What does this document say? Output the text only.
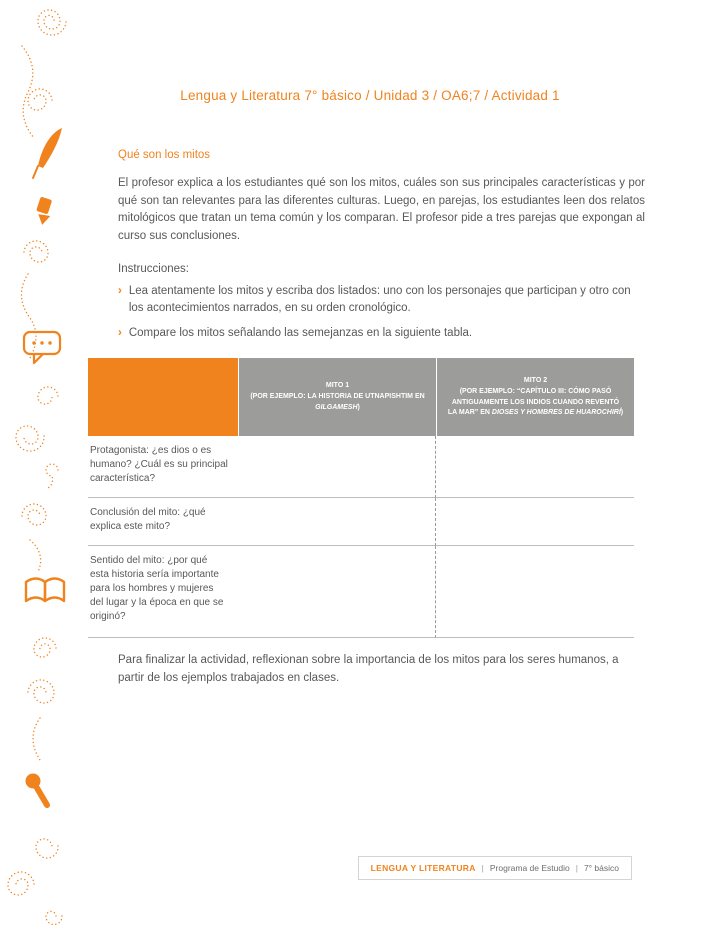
Lengua y Literatura 7° básico / Unidad 3 / OA6;7 / Actividad 1
Qué son los mitos

El profesor explica a los estudiantes qué son los mitos, cuáles son sus principales características y por qué son tan relevantes para las diferentes culturas. Luego, en parejas, los estudiantes leen dos relatos mitológicos que tratan un tema común y los comparan. El profesor pide a tres parejas que expongan al curso sus conclusiones.

Instrucciones:

› Lea atentamente los mitos y escriba dos listados: uno con los personajes que participan y otro con los acontecimientos narrados, en su orden cronológico.
› Compare los mitos señalando las semejanzas en la siguiente tabla.
MITO 1
(POR EJEMPLO: LA HISTORIA DE UTNAPISHTIM EN GILGAMESH)
MITO 2
(POR EJEMPLO: “CAPÍTULO III: CÓMO PASÓ ANTIGUAMENTE LOS INDIOS CUANDO REVENTÓ LA MAR” EN DIOSES Y HOMBRES DE HUAROCHIRÍ)
Protagonista: ¿es dios o es humano? ¿Cuál es su principal característica?
Conclusión del mito: ¿qué explica este mito?
Sentido del mito: ¿por qué esta historia sería importante para los hombres y mujeres del lugar y la época en que se originó?

Para finalizar la actividad, reflexionan sobre la importancia de los mitos para los seres humanos, a partir de los ejemplos trabajados en clases.

LENGUA Y LITERATURA | Programa de Estudio | 7° básico
